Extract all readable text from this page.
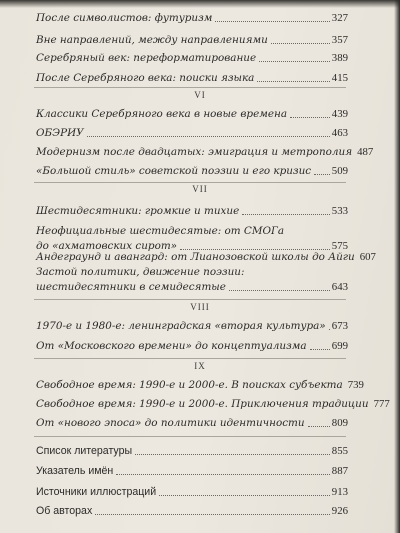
После символистов: футуризм	327
Вне направлений, между направлениями	357
Серебряный век: переформатирование	389
После Серебряного века: поиски языка	415
VI
Классики Серебряного века в новые времена	439
ОБЭРИУ	463
Модернизм после двадцатых: эмиграция и метрополия 487
«Большой стиль» советской поэзии и его кризис 509
VII
Шестидесятники: громкие и тихие	533
Неофициальные шестидесятые: от СМОГа
до «ахматовских сирот»	575
Андеграунд и авангард: от Лианозовской школы до Айги 607
Застой политики, движение поэзии:
шестидесятники в семидесятые	643
VIII
1970-е и 1980-е: ленинградская «вторая культура» 673
От «Московского времени» до концептуализма 699
IX
Свободное время: 1990-е и 2000-е. В поисках субъекта 739
Свободное время: 1990-е и 2000-е. Приключения традиции 777
От «нового эпоса» до политики идентичности	809
Список литературы	855
Указатель имён	887
Источники иллюстраций	913
Об авторах	926
